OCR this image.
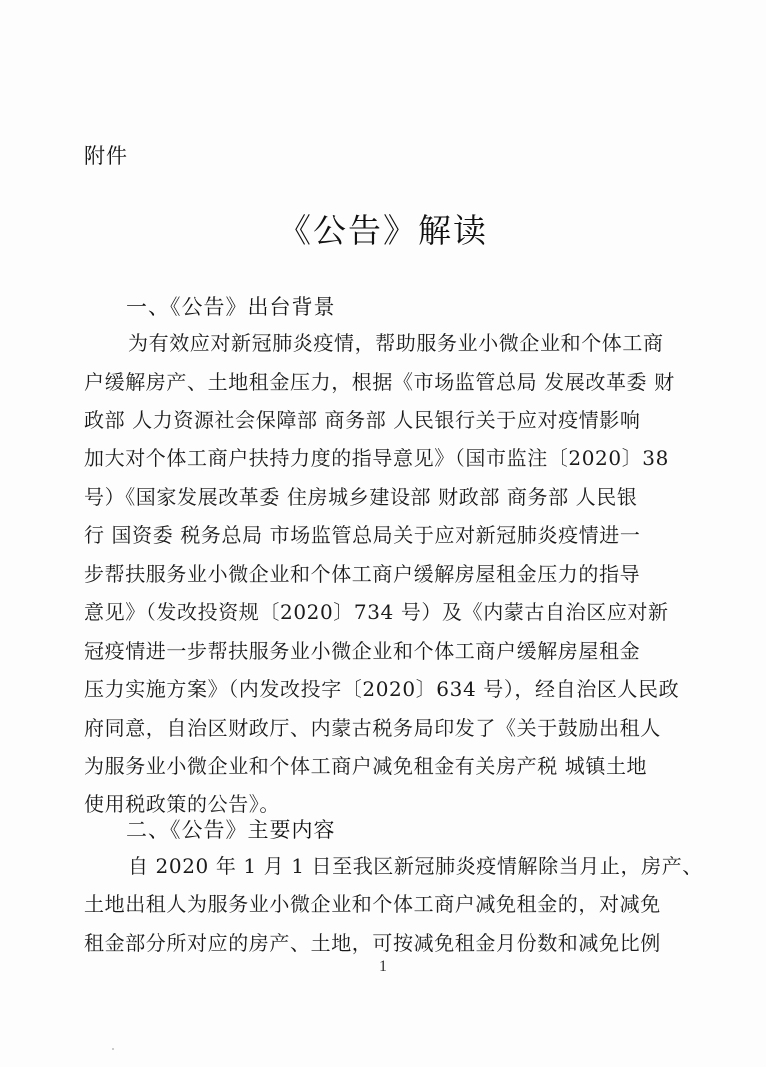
附件
《公告》解读
一、《公告》出台背景
为有效应对新冠肺炎疫情，帮助服务业小微企业和个体工商
户缓解房产、土地租金压力，根据《市场监管总局 发展改革委 财
政部 人力资源社会保障部 商务部 人民银行关于应对疫情影响
加大对个体工商户扶持力度的指导意见》（国市监注〔2020〕38
号）《国家发展改革委 住房城乡建设部 财政部 商务部 人民银
行 国资委 税务总局 市场监管总局关于应对新冠肺炎疫情进一
步帮扶服务业小微企业和个体工商户缓解房屋租金压力的指导
意见》（发改投资规〔2020〕734 号）及《内蒙古自治区应对新
冠疫情进一步帮扶服务业小微企业和个体工商户缓解房屋租金
压力实施方案》（内发改投字〔2020〕634 号），经自治区人民政
府同意，自治区财政厅、内蒙古税务局印发了《关于鼓励出租人
为服务业小微企业和个体工商户减免租金有关房产税 城镇土地
使用税政策的公告》。
二、《公告》主要内容
自 2020 年 1 月 1 日至我区新冠肺炎疫情解除当月止，房产、
土地出租人为服务业小微企业和个体工商户减免租金的，对减免
租金部分所对应的房产、土地，可按减免租金月份数和减免比例
1
